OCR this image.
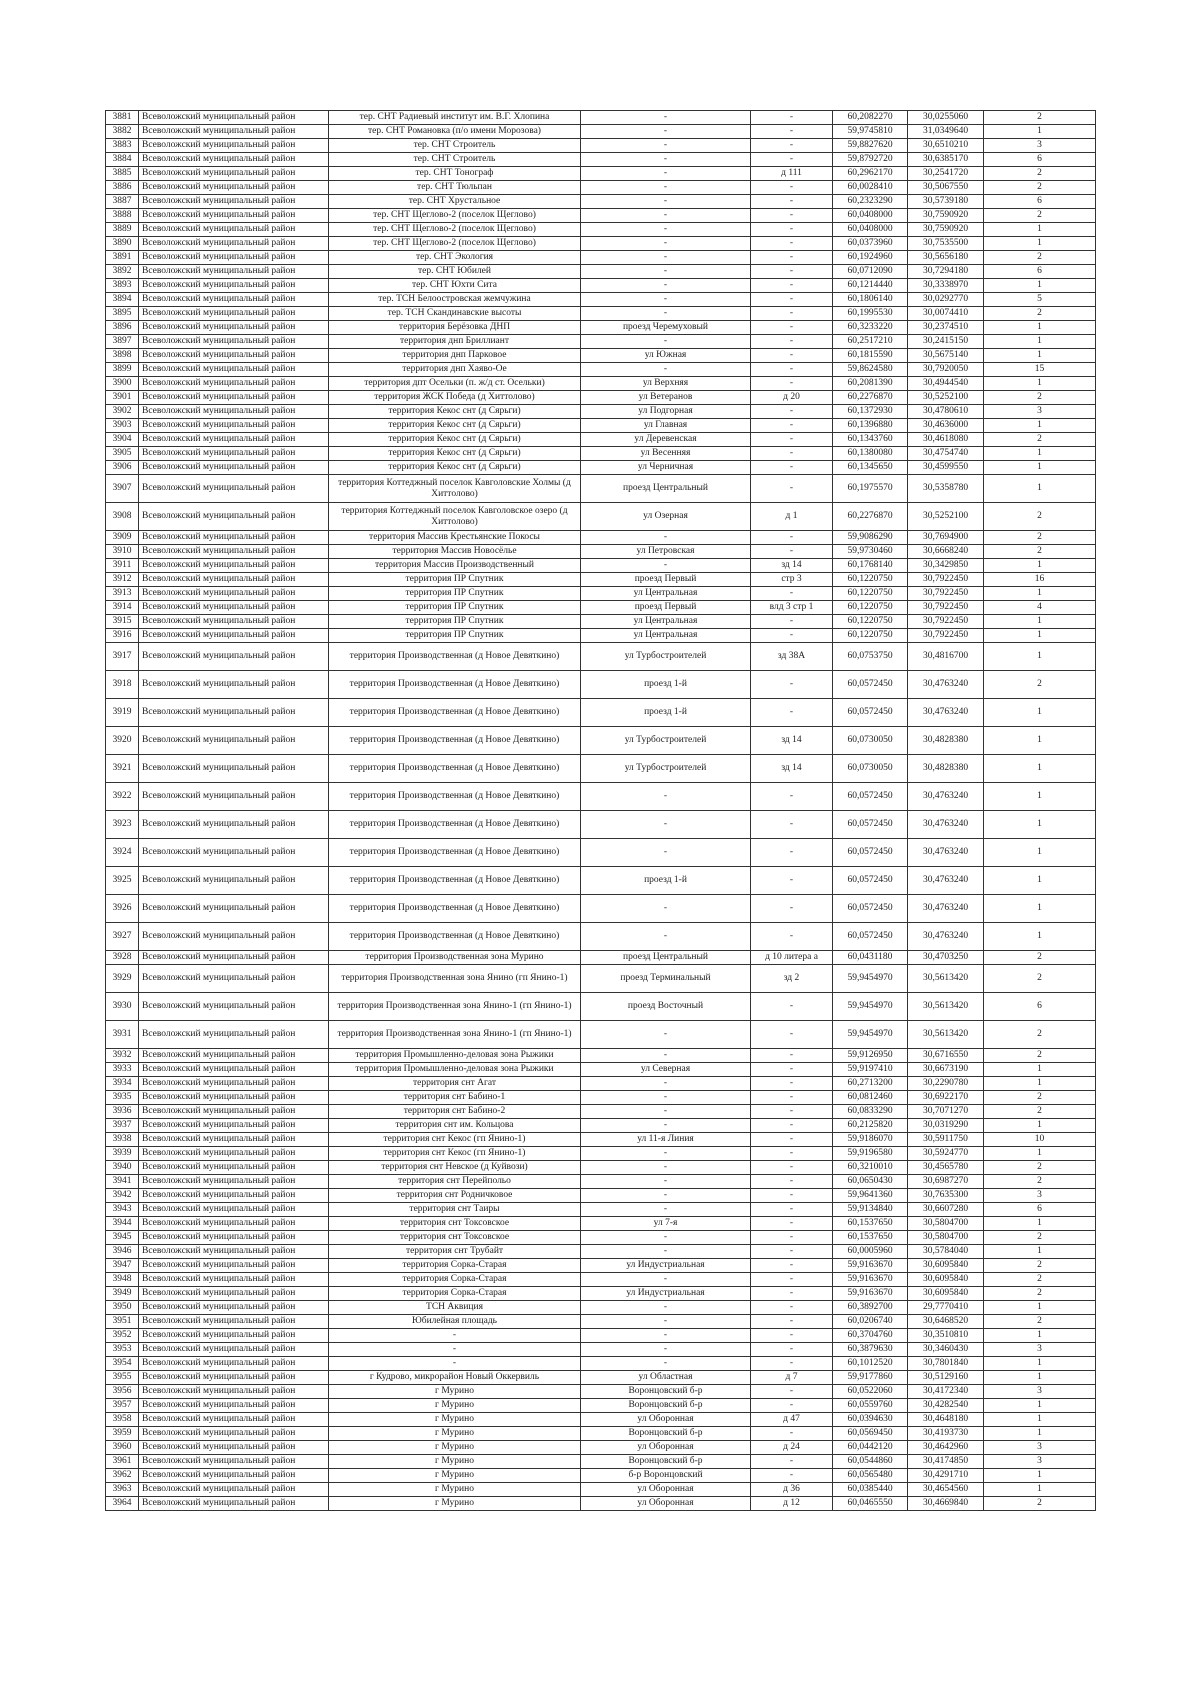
3881	Всеволожский муниципальный район	тер. СНТ Радиевый институт им. В.Г. Хлопина	-	-	60,2082270	30,0255060	2
3882	Всеволожский муниципальный район	тер. СНТ Романовка (п/о имени Морозова)	-	-	59,9745810	31,0349640	1
3883	Всеволожский муниципальный район	тер. СНТ Строитель	-	-	59,8827620	30,6510210	3
3884	Всеволожский муниципальный район	тер. СНТ Строитель	-	-	59,8792720	30,6385170	6
3885	Всеволожский муниципальный район	тер. СНТ Тонограф	-	д 111	60,2962170	30,2541720	2
3886	Всеволожский муниципальный район	тер. СНТ Тюльпан	-	-	60,0028410	30,5067550	2
3887	Всеволожский муниципальный район	тер. СНТ Хрустальное	-	-	60,2323290	30,5739180	6
3888	Всеволожский муниципальный район	тер. СНТ Щеглово-2 (поселок Щеглово)	-	-	60,0408000	30,7590920	2
3889	Всеволожский муниципальный район	тер. СНТ Щеглово-2 (поселок Щеглово)	-	-	60,0408000	30,7590920	1
3890	Всеволожский муниципальный район	тер. СНТ Щеглово-2 (поселок Щеглово)	-	-	60,0373960	30,7535500	1
3891	Всеволожский муниципальный район	тер. СНТ Экология	-	-	60,1924960	30,5656180	2
3892	Всеволожский муниципальный район	тер. СНТ Юбилей	-	-	60,0712090	30,7294180	6
3893	Всеволожский муниципальный район	тер. СНТ Юхти Сита	-	-	60,1214440	30,3338970	1
3894	Всеволожский муниципальный район	тер. ТСН Белоостровская жемчужина	-	-	60,1806140	30,0292770	5
3895	Всеволожский муниципальный район	тер. ТСН Скандинавские высоты	-	-	60,1995530	30,0074410	2
3896	Всеволожский муниципальный район	территория Берёзовка ДНП	проезд Черемуховый	-	60,3233220	30,2374510	1
3897	Всеволожский муниципальный район	территория днп Бриллиант	-	-	60,2517210	30,2415150	1
3898	Всеволожский муниципальный район	территория днп Парковое	ул Южная	-	60,1815590	30,5675140	1
3899	Всеволожский муниципальный район	территория днп Хаяво-Ое	-	-	59,8624580	30,7920050	15
3900	Всеволожский муниципальный район	территория дпт Осельки (п. ж/д ст. Осельки)	ул Верхняя	-	60,2081390	30,4944540	1
3901	Всеволожский муниципальный район	территория ЖСК Победа (д Хиттолово)	ул Ветеранов	д 20	60,2276870	30,5252100	2
3902	Всеволожский муниципальный район	территория Кекос снт (д Сярьги)	ул Подгорная	-	60,1372930	30,4780610	3
3903	Всеволожский муниципальный район	территория Кекос снт (д Сярьги)	ул Главная	-	60,1396880	30,4636000	1
3904	Всеволожский муниципальный район	территория Кекос снт (д Сярьги)	ул Деревенская	-	60,1343760	30,4618080	2
3905	Всеволожский муниципальный район	территория Кекос снт (д Сярьги)	ул Весенняя	-	60,1380080	30,4754740	1
3906	Всеволожский муниципальный район	территория Кекос снт (д Сярьги)	ул Черничная	-	60,1345650	30,4599550	1
3907	Всеволожский муниципальный район	территория Коттеджный поселок Кавголовские Холмы (д Хиттолово)	проезд Центральный	-	60,1975570	30,5358780	1
3908	Всеволожский муниципальный район	территория Коттеджный поселок Кавголовское озеро (д Хиттолово)	ул Озерная	д 1	60,2276870	30,5252100	2
3909	Всеволожский муниципальный район	территория Массив Крестьянские Покосы	-	-	59,9086290	30,7694900	2
3910	Всеволожский муниципальный район	территория Массив Новосёлье	ул Петровская	-	59,9730460	30,6668240	2
3911	Всеволожский муниципальный район	территория Массив Производственный	-	зд 14	60,1768140	30,3429850	1
3912	Всеволожский муниципальный район	территория ПР Спутник	проезд Первый	стр 3	60,1220750	30,7922450	16
3913	Всеволожский муниципальный район	территория ПР Спутник	ул Центральная	-	60,1220750	30,7922450	1
3914	Всеволожский муниципальный район	территория ПР Спутник	проезд Первый	влд 3 стр 1	60,1220750	30,7922450	4
3915	Всеволожский муниципальный район	территория ПР Спутник	ул Центральная	-	60,1220750	30,7922450	1
3916	Всеволожский муниципальный район	территория ПР Спутник	ул Центральная	-	60,1220750	30,7922450	1
3917	Всеволожский муниципальный район	территория Производственная (д Новое Девяткино)	ул Турбостроителей	зд 38А	60,0753750	30,4816700	1
3918	Всеволожский муниципальный район	территория Производственная (д Новое Девяткино)	проезд 1-й	-	60,0572450	30,4763240	2
3919	Всеволожский муниципальный район	территория Производственная (д Новое Девяткино)	проезд 1-й	-	60,0572450	30,4763240	1
3920	Всеволожский муниципальный район	территория Производственная (д Новое Девяткино)	ул Турбостроителей	зд 14	60,0730050	30,4828380	1
3921	Всеволожский муниципальный район	территория Производственная (д Новое Девяткино)	ул Турбостроителей	зд 14	60,0730050	30,4828380	1
3922	Всеволожский муниципальный район	территория Производственная (д Новое Девяткино)	-	-	60,0572450	30,4763240	1
3923	Всеволожский муниципальный район	территория Производственная (д Новое Девяткино)	-	-	60,0572450	30,4763240	1
3924	Всеволожский муниципальный район	территория Производственная (д Новое Девяткино)	-	-	60,0572450	30,4763240	1
3925	Всеволожский муниципальный район	территория Производственная (д Новое Девяткино)	проезд 1-й	-	60,0572450	30,4763240	1
3926	Всеволожский муниципальный район	территория Производственная (д Новое Девяткино)	-	-	60,0572450	30,4763240	1
3927	Всеволожский муниципальный район	территория Производственная (д Новое Девяткино)	-	-	60,0572450	30,4763240	1
3928	Всеволожский муниципальный район	территория Производственная зона Мурино	проезд Центральный	д 10 литера а	60,0431180	30,4703250	2
3929	Всеволожский муниципальный район	территория Производственная зона Янино (гп Янино-1)	проезд Терминальный	зд 2	59,9454970	30,5613420	2
3930	Всеволожский муниципальный район	территория Производственная зона Янино-1 (гп Янино-1)	проезд Восточный	-	59,9454970	30,5613420	6
3931	Всеволожский муниципальный район	территория Производственная зона Янино-1 (гп Янино-1)	-	-	59,9454970	30,5613420	2
3932	Всеволожский муниципальный район	территория Промышленно-деловая зона Рыжики	-	-	59,9126950	30,6716550	2
3933	Всеволожский муниципальный район	территория Промышленно-деловая зона Рыжики	ул Северная	-	59,9197410	30,6673190	1
3934	Всеволожский муниципальный район	территория снт Агат	-	-	60,2713200	30,2290780	1
3935	Всеволожский муниципальный район	территория снт Бабино-1	-	-	60,0812460	30,6922170	2
3936	Всеволожский муниципальный район	территория снт Бабино-2	-	-	60,0833290	30,7071270	2
3937	Всеволожский муниципальный район	территория снт им. Кольцова	-	-	60,2125820	30,0319290	1
3938	Всеволожский муниципальный район	территория снт Кекос (гп Янино-1)	ул 11-я Линия	-	59,9186070	30,5911750	10
3939	Всеволожский муниципальный район	территория снт Кекос (гп Янино-1)	-	-	59,9196580	30,5924770	1
3940	Всеволожский муниципальный район	территория снт Невское (д Куйвози)	-	-	60,3210010	30,4565780	2
3941	Всеволожский муниципальный район	территория снт Перейпольо	-	-	60,0650430	30,6987270	2
3942	Всеволожский муниципальный район	территория снт Родничковое	-	-	59,9641360	30,7635300	3
3943	Всеволожский муниципальный район	территория снт Таиры	-	-	59,9134840	30,6607280	6
3944	Всеволожский муниципальный район	территория снт Токсовское	ул 7-я	-	60,1537650	30,5804700	1
3945	Всеволожский муниципальный район	территория снт Токсовское	-	-	60,1537650	30,5804700	2
3946	Всеволожский муниципальный район	территория снт Трубайт	-	-	60,0005960	30,5784040	1
3947	Всеволожский муниципальный район	территория Сорка-Старая	ул Индустриальная	-	59,9163670	30,6095840	2
3948	Всеволожский муниципальный район	территория Сорка-Старая	-	-	59,9163670	30,6095840	2
3949	Всеволожский муниципальный район	территория Сорка-Старая	ул Индустриальная	-	59,9163670	30,6095840	2
3950	Всеволожский муниципальный район	ТСН Аквиция	-	-	60,3892700	29,7770410	1
3951	Всеволожский муниципальный район	Юбилейная площадь	-	-	60,0206740	30,6468520	2
3952	Всеволожский муниципальный район	-	-	-	60,3704760	30,3510810	1
3953	Всеволожский муниципальный район	-	-	-	60,3879630	30,3460430	3
3954	Всеволожский муниципальный район	-	-	-	60,1012520	30,7801840	1
3955	Всеволожский муниципальный район	г Кудрово, микрорайон Новый Оккервиль	ул Областная	д 7	59,9177860	30,5129160	1
3956	Всеволожский муниципальный район	г Мурино	Воронцовский б-р	-	60,0522060	30,4172340	3
3957	Всеволожский муниципальный район	г Мурино	Воронцовский б-р	-	60,0559760	30,4282540	1
3958	Всеволожский муниципальный район	г Мурино	ул Оборонная	д 47	60,0394630	30,4648180	1
3959	Всеволожский муниципальный район	г Мурино	Воронцовский б-р	-	60,0569450	30,4193730	1
3960	Всеволожский муниципальный район	г Мурино	ул Оборонная	д 24	60,0442120	30,4642960	3
3961	Всеволожский муниципальный район	г Мурино	Воронцовский б-р	-	60,0544860	30,4174850	3
3962	Всеволожский муниципальный район	г Мурино	б-р Воронцовский	-	60,0565480	30,4291710	1
3963	Всеволожский муниципальный район	г Мурино	ул Оборонная	д 36	60,0385440	30,4654560	1
3964	Всеволожский муниципальный район	г Мурино	ул Оборонная	д 12	60,0465550	30,4669840	2
